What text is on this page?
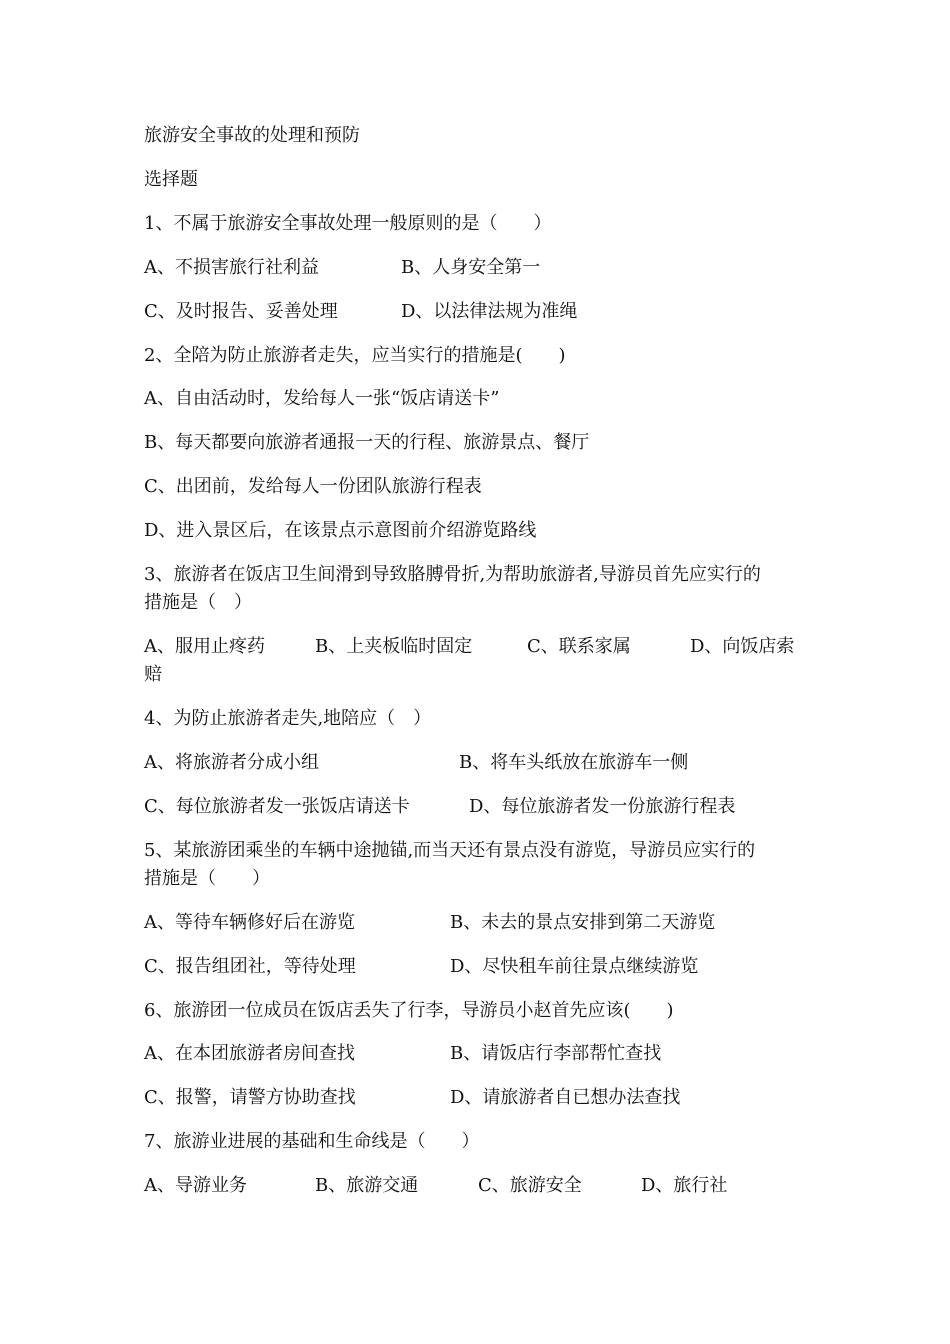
旅游安全事故的处理和预防
选择题
1、不属于旅游安全事故处理一般原则的是（　　）
A、不损害旅行社利益	B、人身安全第一
C、及时报告、妥善处理	D、以法律法规为准绳
2、全陪为防止旅游者走失，应当实行的措施是(　　)
A、自由活动时，发给每人一张“饭店请送卡”
B、每天都要向旅游者通报一天的行程、旅游景点、餐厅
C、出团前，发给每人一份团队旅游行程表
D、进入景区后，在该景点示意图前介绍游览路线
3、旅游者在饭店卫生间滑到导致胳膊骨折,为帮助旅游者,导游员首先应实行的
措施是（　）
A、服用止疼药	B、上夹板临时固定	C、联系家属	D、向饭店索
赔
4、为防止旅游者走失,地陪应（　）
A、将旅游者分成小组	B、将车头纸放在旅游车一侧
C、每位旅游者发一张饭店请送卡	D、每位旅游者发一份旅游行程表
5、某旅游团乘坐的车辆中途抛锚,而当天还有景点没有游览，导游员应实行的
措施是（　　）
A、等待车辆修好后在游览	B、未去的景点安排到第二天游览
C、报告组团社，等待处理	D、尽快租车前往景点继续游览
6、旅游团一位成员在饭店丢失了行李，导游员小赵首先应该(　　)
A、在本团旅游者房间查找	B、请饭店行李部帮忙查找
C、报警，请警方协助查找	D、请旅游者自已想办法查找
7、旅游业进展的基础和生命线是（　　）
A、导游业务	B、旅游交通	C、旅游安全	D、旅行社
